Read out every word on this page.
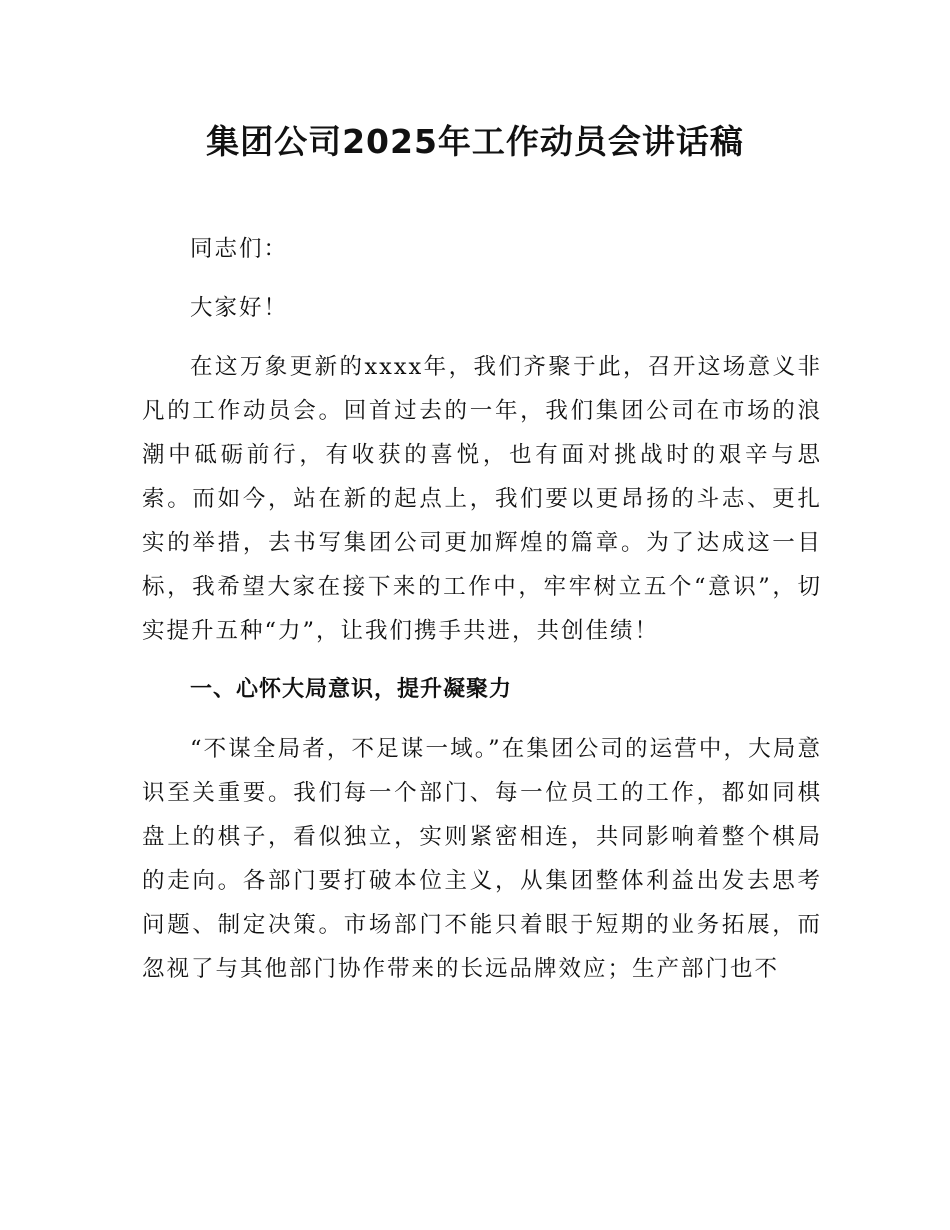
集团公司2025年工作动员会讲话稿

同志们：

大家好！

在这万象更新的xxxx年，我们齐聚于此，召开这场意义非凡的工作动员会。回首过去的一年，我们集团公司在市场的浪潮中砥砺前行，有收获的喜悦，也有面对挑战时的艰辛与思索。而如今，站在新的起点上，我们要以更昂扬的斗志、更扎实的举措，去书写集团公司更加辉煌的篇章。为了达成这一目标，我希望大家在接下来的工作中，牢牢树立五个“意识”，切实提升五种“力”，让我们携手共进，共创佳绩！

一、心怀大局意识，提升凝聚力

“不谋全局者，不足谋一域。”在集团公司的运营中，大局意识至关重要。我们每一个部门、每一位员工的工作，都如同棋盘上的棋子，看似独立，实则紧密相连，共同影响着整个棋局的走向。各部门要打破本位主义，从集团整体利益出发去思考问题、制定决策。市场部门不能只着眼于短期的业务拓展，而忽视了与其他部门协作带来的长远品牌效应；生产部门也不
